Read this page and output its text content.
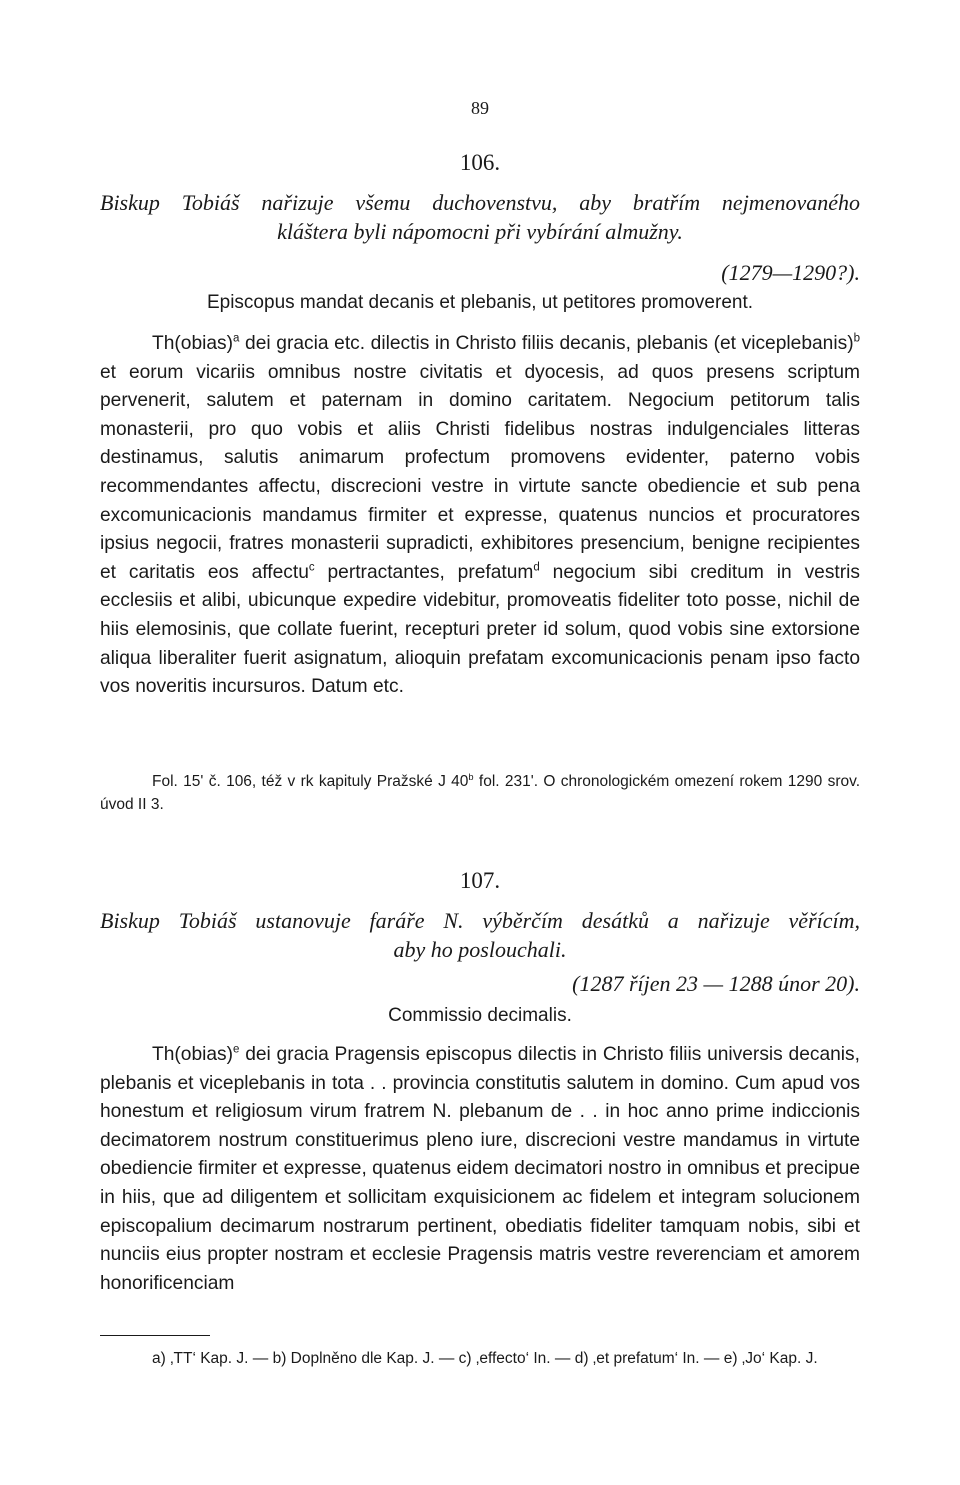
89
106.
Biskup Tobiáš nařizuje všemu duchovenstvu, aby bratřím nejmenovaného
kláštera byli nápomocni při vybírání almužny.
(1279—1290?).
Episcopus mandat decanis et plebanis, ut petitores promoverent.

Th(obias)$^a$ dei gracia etc. dilectis in Christo filiis decanis, plebanis (et viceplebanis)$^b$ et eorum vicariis omnibus nostre civitatis et dyocesis, ad quos presens scriptum pervenerit, salutem et paternam in domino caritatem. Negocium petitorum talis monasterii, pro quo vobis et aliis Christi fidelibus nostras indulgenciales litteras destinamus, salutis animarum profectum promovens evidenter, paterno vobis recommendantes affectu, discrecioni vestre in virtute sancte obediencie et sub pena excomunicacionis mandamus firmiter et expresse, quatenus nuncios et procuratores ipsius negocii, fratres monasterii supradicti, exhibitores presencium, benigne recipientes et caritatis eos affectu$^c$ pertractantes, prefatum$^d$ negocium sibi creditum in vestris ecclesiis et alibi, ubicunque expedire videbitur, promoveatis fideliter toto posse, nichil de hiis elemosinis, que collate fuerint, recepturi preter id solum, quod vobis sine extorsione aliqua liberaliter fuerit asignatum, alioquin prefatam excomunicacionis penam ipso facto vos noveritis incursuros. Datum etc.

Fol. 15' č. 106, též v rk kapituly Pražské J 40$^b$ fol. 231'. O chronologickém omezení rokem 1290 srov. úvod II 3.

107.
Biskup Tobiáš ustanovuje faráře N. výběrčím desátků a nařizuje věřícím,
aby ho poslouchali.
(1287 říjen 23 — 1288 únor 20).
Commissio decimalis.

Th(obias)$^e$ dei gracia Pragensis episcopus dilectis in Christo filiis universis decanis, plebanis et viceplebanis in tota . . provincia constitutis salutem in domino. Cum apud vos honestum et religiosum virum fratrem N. plebanum de . . in hoc anno prime indiccionis decimatorem nostrum constituerimus pleno iure, discrecioni vestre mandamus in virtute obediencie firmiter et expresse, quatenus eidem decimatori nostro in omnibus et precipue in hiis, que ad diligentem et sollicitam exquisicionem ac fidelem et integram solucionem episcopalium decimarum nostrarum pertinent, obediatis fideliter tamquam nobis, sibi et nunciis eius propter nostram et ecclesie Pragensis matris vestre reverenciam et amorem honorificenciam

a) ‚TT‘ Kap. J. — b) Doplněno dle Kap. J. — c) ‚effecto‘ In. — d) ‚et prefatum‘ In. — e) ‚Jo‘ Kap. J.
